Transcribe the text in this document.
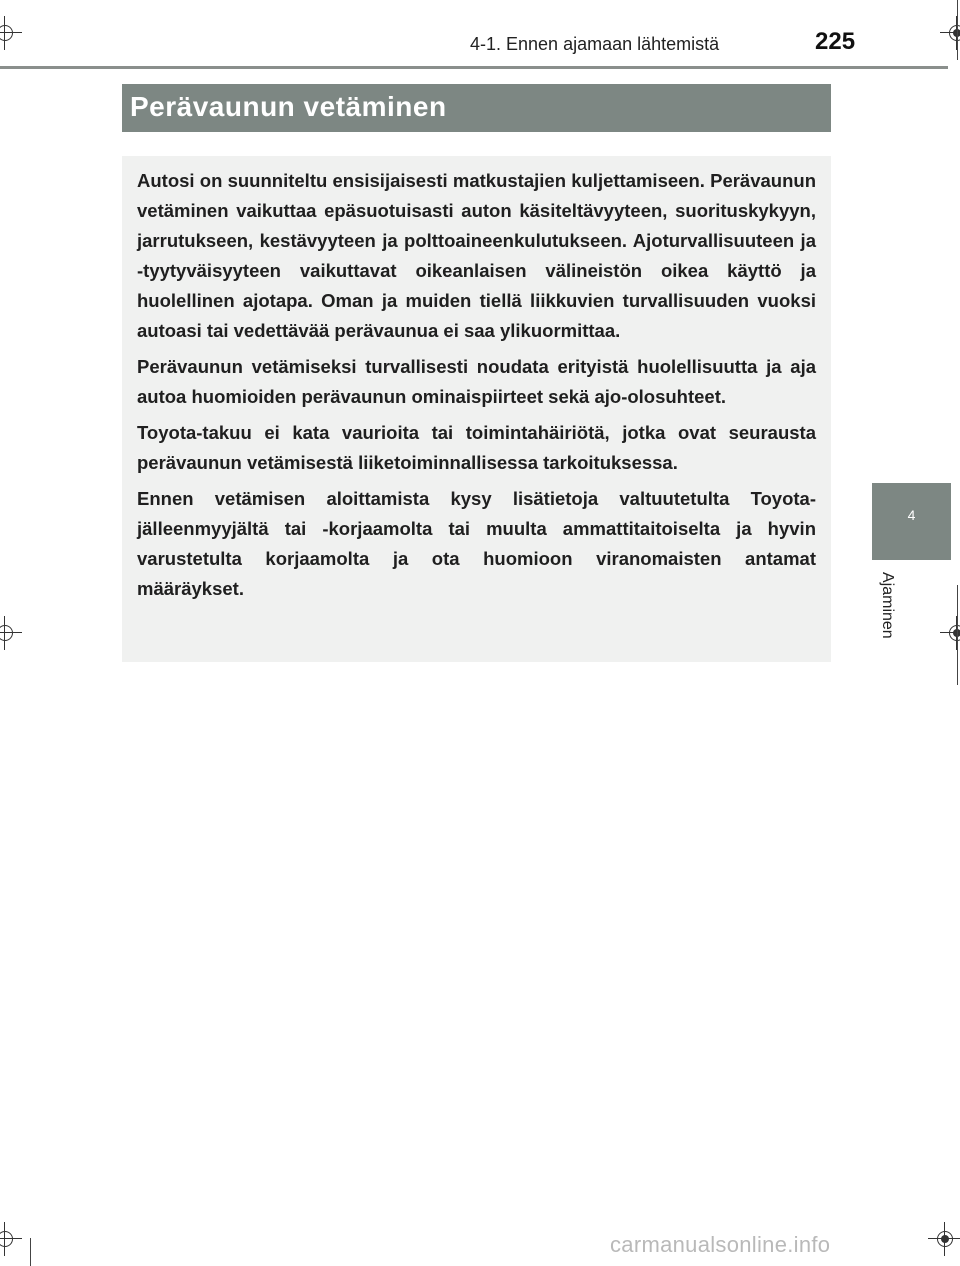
4-1. Ennen ajamaan lähtemistä	225
Perävaunun vetäminen

Autosi on suunniteltu ensisijaisesti matkustajien kuljettamiseen. Perävaunun vetäminen vaikuttaa epäsuotuisasti auton käsiteltävyyteen, suorituskykyyn, jarrutukseen, kestävyyteen ja polttoaineenkulutukseen. Ajoturvallisuuteen ja -tyytyväisyyteen vaikuttavat oikeanlaisen välineistön oikea käyttö ja huolellinen ajotapa. Oman ja muiden tiellä liikkuvien turvallisuuden vuoksi autoasi tai vedettävää perävaunua ei saa ylikuormittaa.

Perävaunun vetämiseksi turvallisesti noudata erityistä huolellisuutta ja aja autoa huomioiden perävaunun ominaispiirteet sekä ajo-olosuhteet.

Toyota-takuu ei kata vaurioita tai toimintahäiriötä, jotka ovat seurausta perävaunun vetämisestä liiketoiminnallisessa tarkoituksessa.

Ennen vetämisen aloittamista kysy lisätietoja valtuutetulta Toyota-jälleenmyyjältä tai -korjaamolta tai muulta ammattitaitoiselta ja hyvin varustetulta korjaamolta ja ota huomioon viranomaisten antamat määräykset.

4
Ajaminen
carmanualsonline.info
